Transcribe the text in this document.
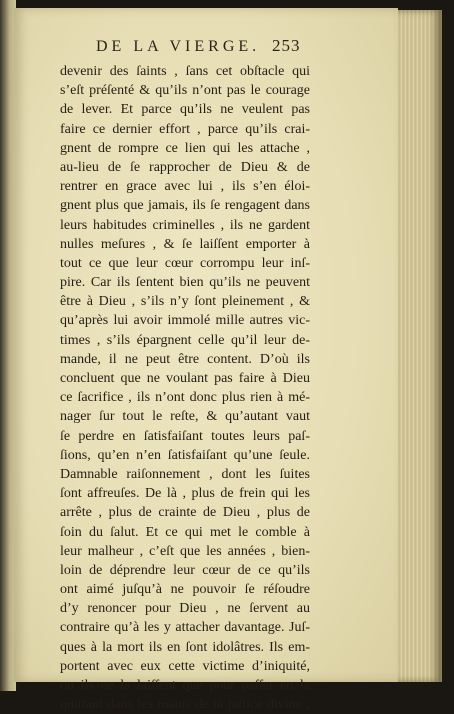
DE LA VIERGE. 253
devenir des ſaints , ſans cet obſtacle qui
s’eſt préſenté & qu’ils n’ont pas le courage
de lever. Et parce qu’ils ne veulent pas
faire ce dernier effort , parce qu’ils crai-
gnent de rompre ce lien qui les attache ,
au-lieu de ſe rapprocher de Dieu & de
rentrer en grace avec lui , ils s’en éloi-
gnent plus que jamais, ils ſe rengagent dans
leurs habitudes criminelles , ils ne gardent
nulles meſures , & ſe laiſſent emporter à
tout ce que leur cœur corrompu leur inſ-
pire. Car ils ſentent bien qu’ils ne peuvent
être à Dieu , s’ils n’y ſont pleinement , &
qu’après lui avoir immolé mille autres vic-
times , s’ils épargnent celle qu’il leur de-
mande, il ne peut être content. D’où ils
concluent que ne voulant pas faire à Dieu
ce ſacrifice , ils n’ont donc plus rien à mé-
nager ſur tout le reſte, & qu’autant vaut
ſe perdre en ſatisfaiſant toutes leurs paſ-
ſions, qu’en n’en ſatisfaiſant qu’une ſeule.
Damnable raiſonnement , dont les ſuites
ſont affreuſes. De là , plus de frein qui les
arrête , plus de crainte de Dieu , plus de
ſoin du ſalut. Et ce qui met le comble à
leur malheur , c’eſt que les années , bien-
loin de déprendre leur cœur de ce qu’ils
ont aimé juſqu’à ne pouvoir ſe réſoudre
d’y renoncer pour Dieu , ne ſervent au
contraire qu’à les y attacher davantage. Juſ-
ques à la mort ils en ſont idolâtres. Ils em-
portent avec eux cette victime d’iniquité,
ou ils ne la laiſſent que pour paſſer en la
quittant dans les mains de la juſtice divine ,
